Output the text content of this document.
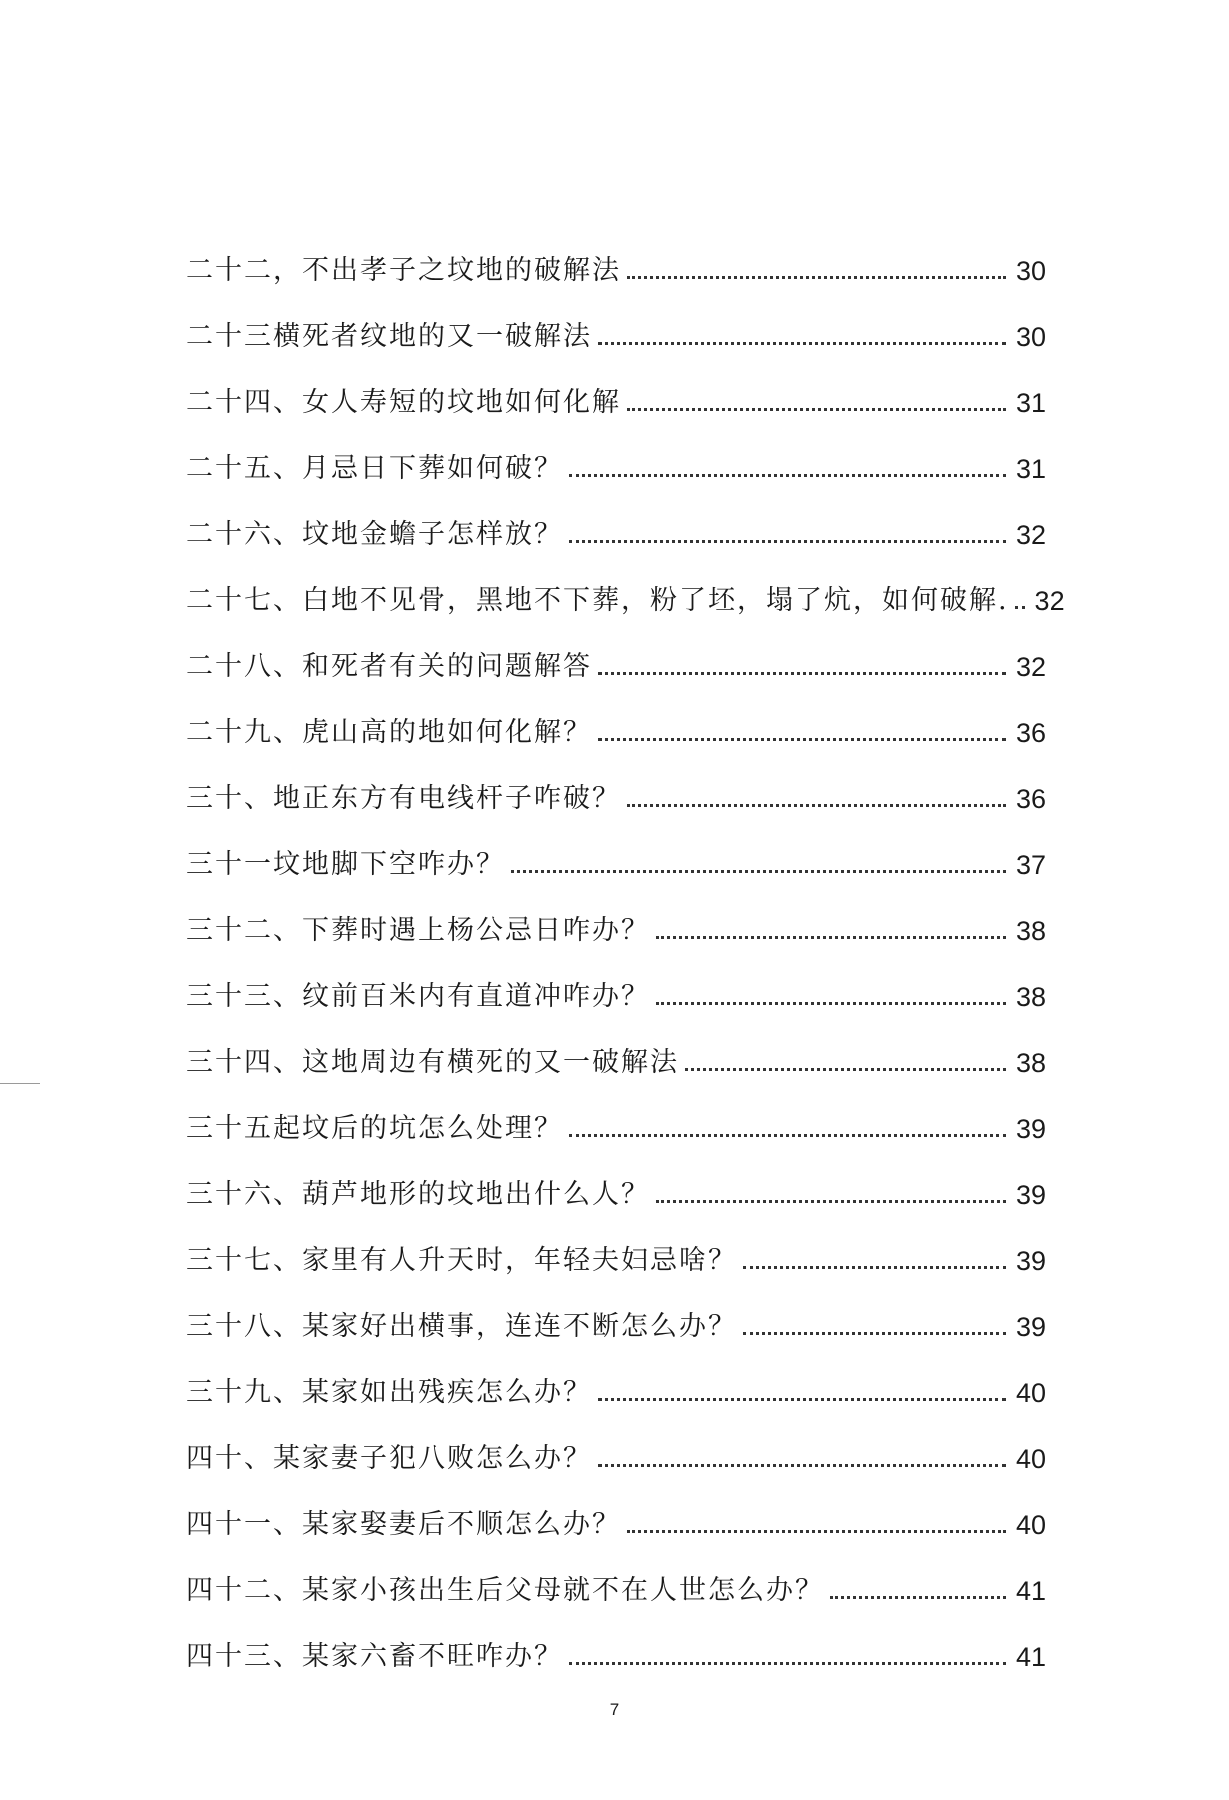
二十二，不出孝子之坟地的破解法	30
二十三横死者纹地的又一破解法	30
二十四、女人寿短的坟地如何化解	31
二十五、月忌日下葬如何破？	31
二十六、坟地金蟾子怎样放？	32
二十七、白地不见骨，黑地不下葬，粉了坯，塌了炕，如何破解. 32
二十八、和死者有关的问题解答	32
二十九、虎山高的地如何化解？	36
三十、地正东方有电线杆子咋破？	36
三十一坟地脚下空咋办？	37
三十二、下葬时遇上杨公忌日咋办？	38
三十三、纹前百米内有直道冲咋办？	38
三十四、这地周边有横死的又一破解法	38
三十五起坟后的坑怎么处理？	39
三十六、葫芦地形的坟地出什么人？	39
三十七、家里有人升天时，年轻夫妇忌啥？	39
三十八、某家好出横事，连连不断怎么办？	39
三十九、某家如出残疾怎么办？	40
四十、某家妻子犯八败怎么办？	40
四十一、某家娶妻后不顺怎么办？	40
四十二、某家小孩出生后父母就不在人世怎么办？	41
四十三、某家六畜不旺咋办？	41
7
